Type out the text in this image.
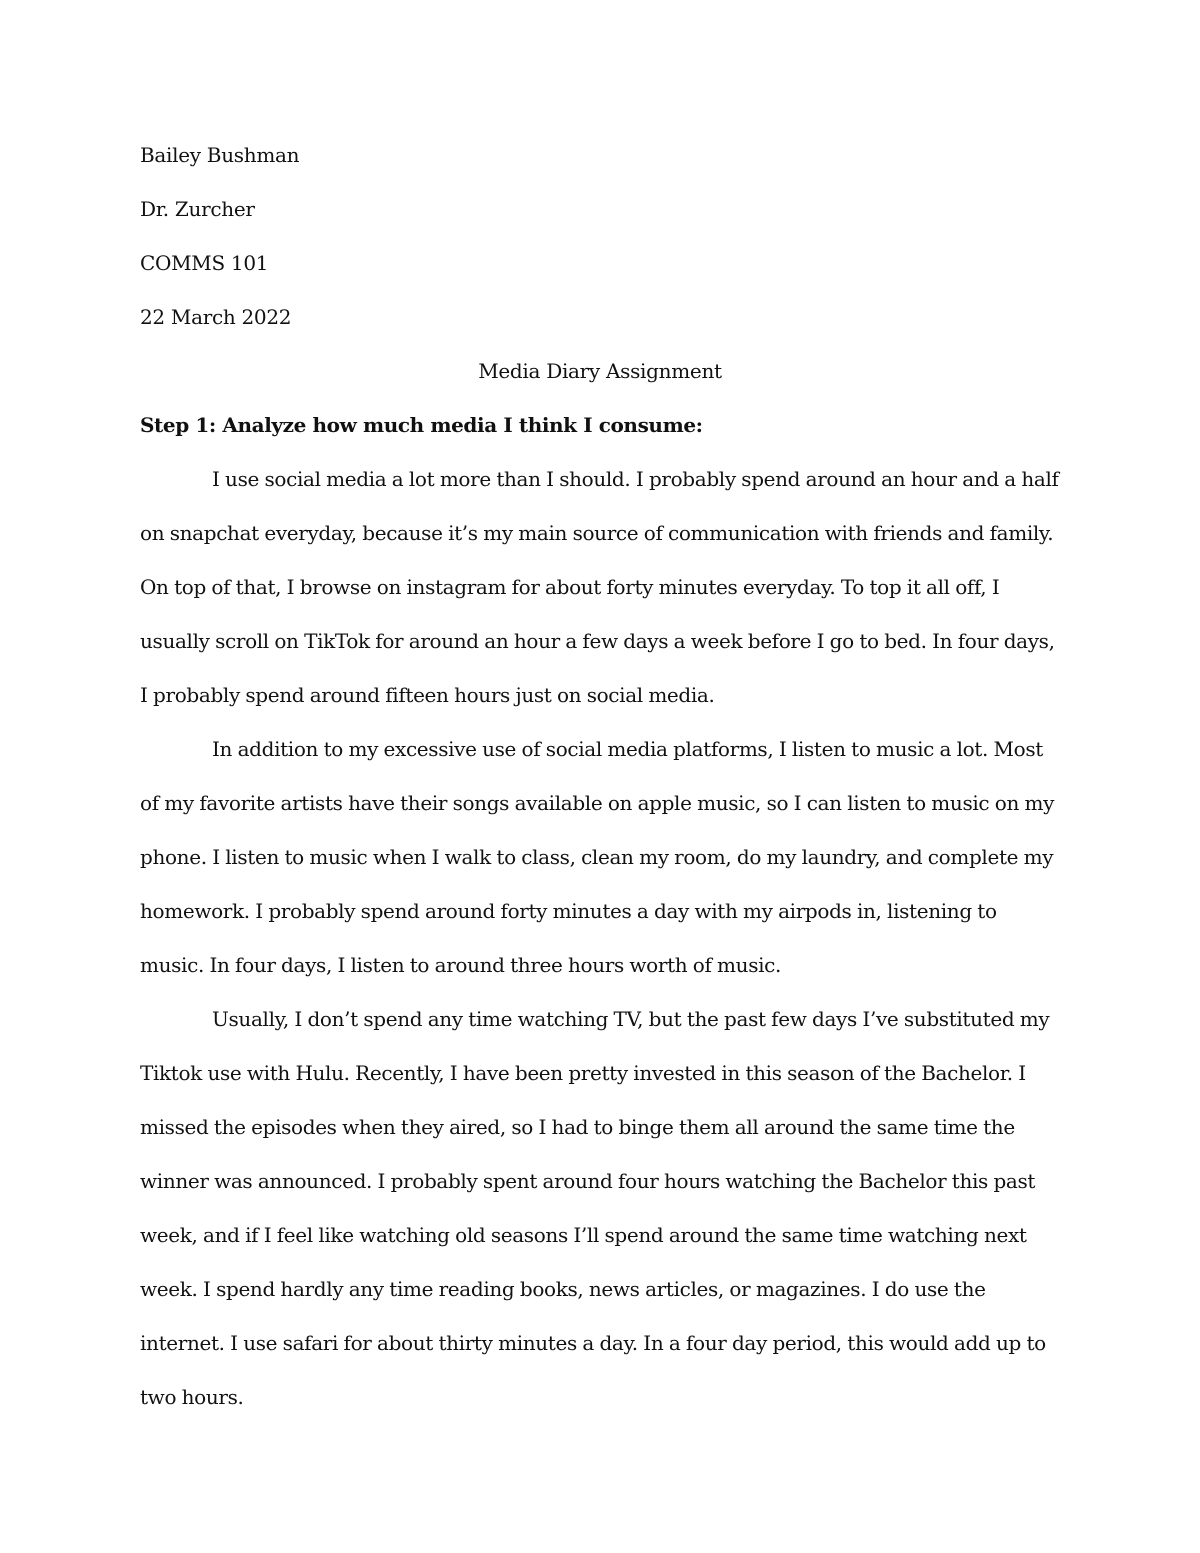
Bailey Bushman

Dr. Zurcher

COMMS 101

22 March 2022

Media Diary Assignment

Step 1: Analyze how much media I think I consume:

I use social media a lot more than I should. I probably spend around an hour and a half on snapchat everyday, because it’s my main source of communication with friends and family. On top of that, I browse on instagram for about forty minutes everyday. To top it all off, I usually scroll on TikTok for around an hour a few days a week before I go to bed. In four days, I probably spend around fifteen hours just on social media.

In addition to my excessive use of social media platforms, I listen to music a lot. Most of my favorite artists have their songs available on apple music, so I can listen to music on my phone. I listen to music when I walk to class, clean my room, do my laundry, and complete my homework. I probably spend around forty minutes a day with my airpods in, listening to music. In four days, I listen to around three hours worth of music.

Usually, I don’t spend any time watching TV, but the past few days I’ve substituted my Tiktok use with Hulu. Recently, I have been pretty invested in this season of the Bachelor. I missed the episodes when they aired, so I had to binge them all around the same time the winner was announced. I probably spent around four hours watching the Bachelor this past week, and if I feel like watching old seasons I’ll spend around the same time watching next week. I spend hardly any time reading books, news articles, or magazines. I do use the internet. I use safari for about thirty minutes a day. In a four day period, this would add up to two hours.
